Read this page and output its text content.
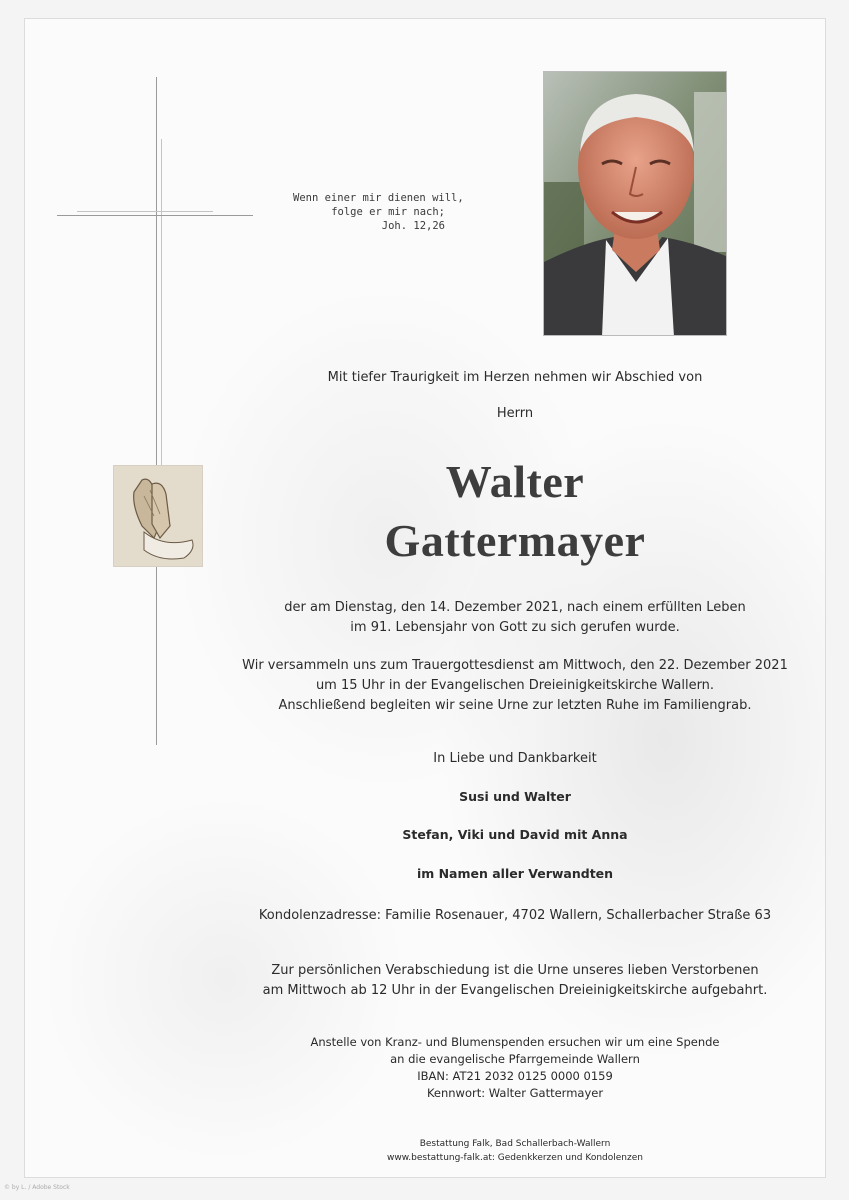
Wenn einer mir dienen will,
folge er mir nach;
Joh. 12,26
Mit tiefer Traurigkeit im Herzen nehmen wir Abschied von
Herrn
Walter
Gattermayer
der am Dienstag, den 14. Dezember 2021, nach einem erfüllten Leben
im 91. Lebensjahr von Gott zu sich gerufen wurde.
Wir versammeln uns zum Trauergottesdienst am Mittwoch, den 22. Dezember 2021
um 15 Uhr in der Evangelischen Dreieinigkeitskirche Wallern.
Anschließend begleiten wir seine Urne zur letzten Ruhe im Familiengrab.
In Liebe und Dankbarkeit
Susi und Walter
Stefan, Viki und David mit Anna
im Namen aller Verwandten
Kondolenzadresse: Familie Rosenauer, 4702 Wallern, Schallerbacher Straße 63
Zur persönlichen Verabschiedung ist die Urne unseres lieben Verstorbenen
am Mittwoch ab 12 Uhr in der Evangelischen Dreieinigkeitskirche aufgebahrt.
Anstelle von Kranz- und Blumenspenden ersuchen wir um eine Spende
an die evangelische Pfarrgemeinde Wallern
IBAN: AT21 2032 0125 0000 0159
Kennwort: Walter Gattermayer
Bestattung Falk, Bad Schallerbach-Wallern
www.bestattung-falk.at: Gedenkkerzen und Kondolenzen
© by L. / Adobe Stock
